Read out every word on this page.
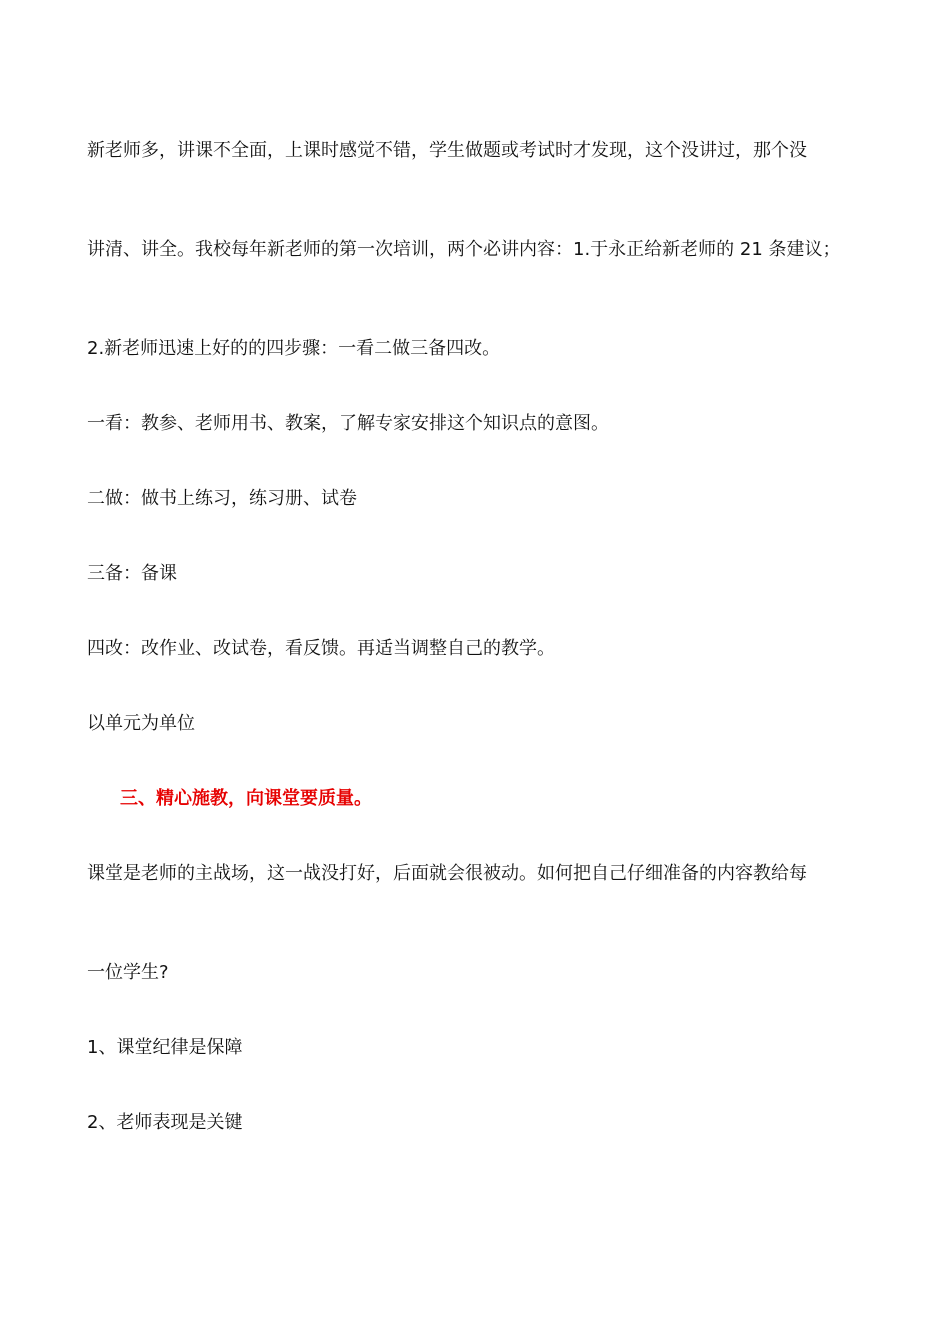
新老师多，讲课不全面，上课时感觉不错，学生做题或考试时才发现，这个没讲过，那个没
讲清、讲全。我校每年新老师的第一次培训，两个必讲内容：1.于永正给新老师的 21 条建议；
2.新老师迅速上好的的四步骤：一看二做三备四改。
一看：教参、老师用书、教案，了解专家安排这个知识点的意图。
二做：做书上练习，练习册、试卷
三备：备课
四改：改作业、改试卷，看反馈。再适当调整自己的教学。
以单元为单位
三、精心施教，向课堂要质量。
课堂是老师的主战场，这一战没打好，后面就会很被动。如何把自己仔细准备的内容教给每
一位学生?
1、课堂纪律是保障
2、老师表现是关键
